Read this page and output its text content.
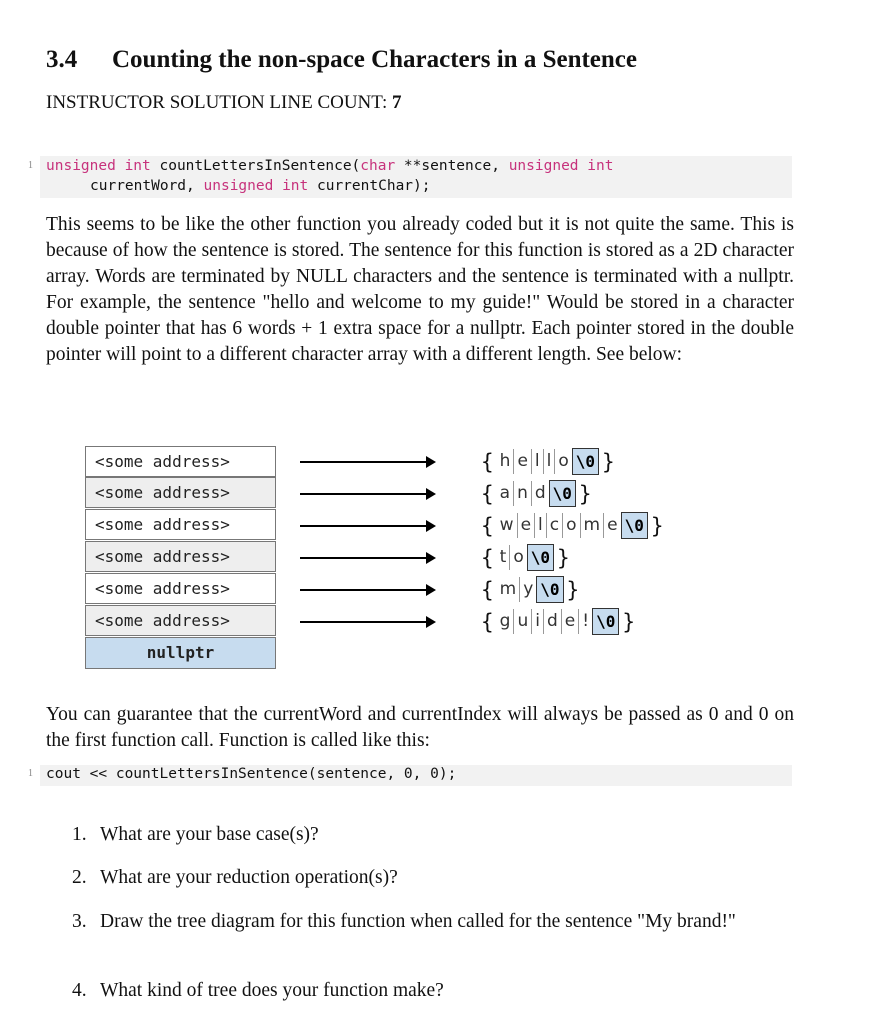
3.4 Counting the non-space Characters in a Sentence
INSTRUCTOR SOLUTION LINE COUNT: 7
1 unsigned int countLettersInSentence(char **sentence, unsigned int
currentWord, unsigned int currentChar);
This seems to be like the other function you already coded but it is not quite the same. This is because of how the sentence is stored. The sentence for this function is stored as a 2D character array. Words are terminated by NULL characters and the sentence is terminated with a nullptr. For example, the sentence "hello and welcome to my guide!" Would be stored in a character double pointer that has 6 words + 1 extra space for a nullptr. Each pointer stored in the double pointer will point to a different character array with a different length. See below:
<some address>
<some address>
<some address>
<some address>
<some address>
<some address>
nullptr
{ h e l l o \0 }
{ a n d \0 }
{ w e l c o m e \0 }
{ t o \0 }
{ m y \0 }
{ g u i d e ! \0 }
You can guarantee that the currentWord and currentIndex will always be passed as 0 and 0 on the first function call. Function is called like this:
1 cout << countLettersInSentence(sentence, 0, 0);
1. What are your base case(s)?
2. What are your reduction operation(s)?
3. Draw the tree diagram for this function when called for the sentence "My brand!"
4. What kind of tree does your function make?
